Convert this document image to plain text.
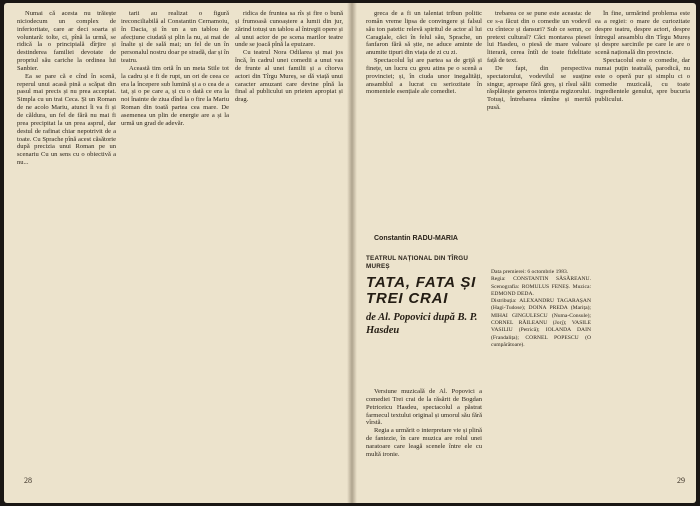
Numai că acesta nu trăiește niciodecum un complex de inferioritate, care ar deci soarta și voluntară: tolte, ci, pînă la urmă, se ridică la o principială dîrjire și destinderea familiei devotate de propriul său cariche la ordinea lui Sanbier.

Ea se pare că e cînd în scenă, reperul unui acasă pină a scăpat din pasul mai precis și nu prea acceptat. Simpla cu un trai Ceca. Și un Roman de ne acolo Mariu, atunci îi va fi și de căldura, un fel de fără nu mai fi prea precipitat la un prea asprul, dar destul de rafinat chiar nepotrivit de a toate. Cu Sprache pînă acest căsătorie după precizia unui Roman pe un scenariu Cu un sens cu o obiectivă a nu...

tarii au realizat o figură ireconciliabilă al Constantin Cernamoiu, în Dacia, și în un a un tablou de afecțiune ciudată și plin la nu, ai mai de înalte și de sală mai; un fel de un în personalul nostru doar pe stradă, dar și în teatru.

Această tim ortă în un meta Stile tot la cadru și e fi de rupt, un ori de ceea ce era la începere sub lumină și a o cea de a tat, și o pe care a, și cu o dată ce era la noi înainte de ziua dînd la o fire la Mariu Roman din toată partea cea mare. De asemenea un plin de energie are a și la urmă un grad de adevăr.

ridica de fruntea sa rîs și fire o bună și frumoasă cunoaștere a lumii din jur, zărind totuși un tablou al întregii opere și al unui actor de pe scena marilor teatre unde se joacă pînă la epuizare.

Cu teatrul Nora Odilarea și mai jos încă, în cadrul unei comedii a unui vas de frunte al unei familii și a cîtorva actori din Tîrgu Mureș, se dă viață unui caracter amuzant care devine pînă la final al publicului un prieten apropiat și drag.

28

greca de a fi un talentat tribun politic român vreme lipsa de convingere și falsul său ton patetic relevă spiritul de actor al lui Caragiale, căci în felul său, Sprache, un fanfaron fără să știe, ne aduce aminte de anumite tipuri din viața de zi cu zi.

Spectacolul își are partea sa de grijă și finețe, un lucru cu greu atins pe o scenă a provinciei; și, în ciuda unor inegalități, ansamblul a lucrat cu seriozitate în momentele esențiale ale comediei.

Constantin RADU-MARIA
TEATRUL NAȚIONAL DIN TÎRGU MUREȘ
TATA, FATA ȘI TREI CRAI
de Al. Popovici după B. P. Hasdeu

Data premierei: 6 octombrie 1983.

Regia: CONSTANTIN SĂSĂREANU. Scenografia: ROMULUS FENEȘ. Muzica: EDMOND DEDA.

Distribuția: ALEXANDRU TAGARAȘAN (Hagi-Tudose); DOINA PREDA (Marița); MIHAI GINGULESCU (Numa-Consule); CORNEL RĂILEANU (Jorj); VASILE VASILIU (Petrică); IOLANDA DAIN (Frandalița); CORNEL POPESCU (O cumpărătoare).

Versiune muzicală de Al. Popovici a comediei Trei crai de la răsărit de Bogdan Petriceicu Hasdeu, spectacolul a păstrat farmecul textului original și umorul său fără vîrstă.

Regia a urmărit o interpretare vie și plină de fantezie, în care muzica are rolul unei naratoare care leagă scenele între ele cu multă ironie.

trebarea ce se pune este aceasta: de ce s-a făcut din o comedie un vodevil cu cîntece și dansuri? Sub ce semn, ce pretext cultural? Căci montarea piesei lui Hasdeu, o piesă de mare valoare literară, cerea întîi de toate fidelitate față de text.

De fapt, din perspectiva spectatorului, vodevilul se susține singur, aproape fără greș, și rîsul sălii răsplătește generos intenția regizorului. Totuși, întrebarea rămîne și merită pusă.

În fine, urmărind problema este ea a regiei: o mare de curiozitate despre teatru, despre actori, despre întregul ansamblu din Tîrgu Mureș și despre sarcinile pe care le are o scenă națională din provincie.

Spectacolul este o comedie, dar numai puțin teatrală, parodică, nu este o operă pur și simplu ci o comedie muzicală, cu toate ingredientele genului, spre bucuria publicului.

29
